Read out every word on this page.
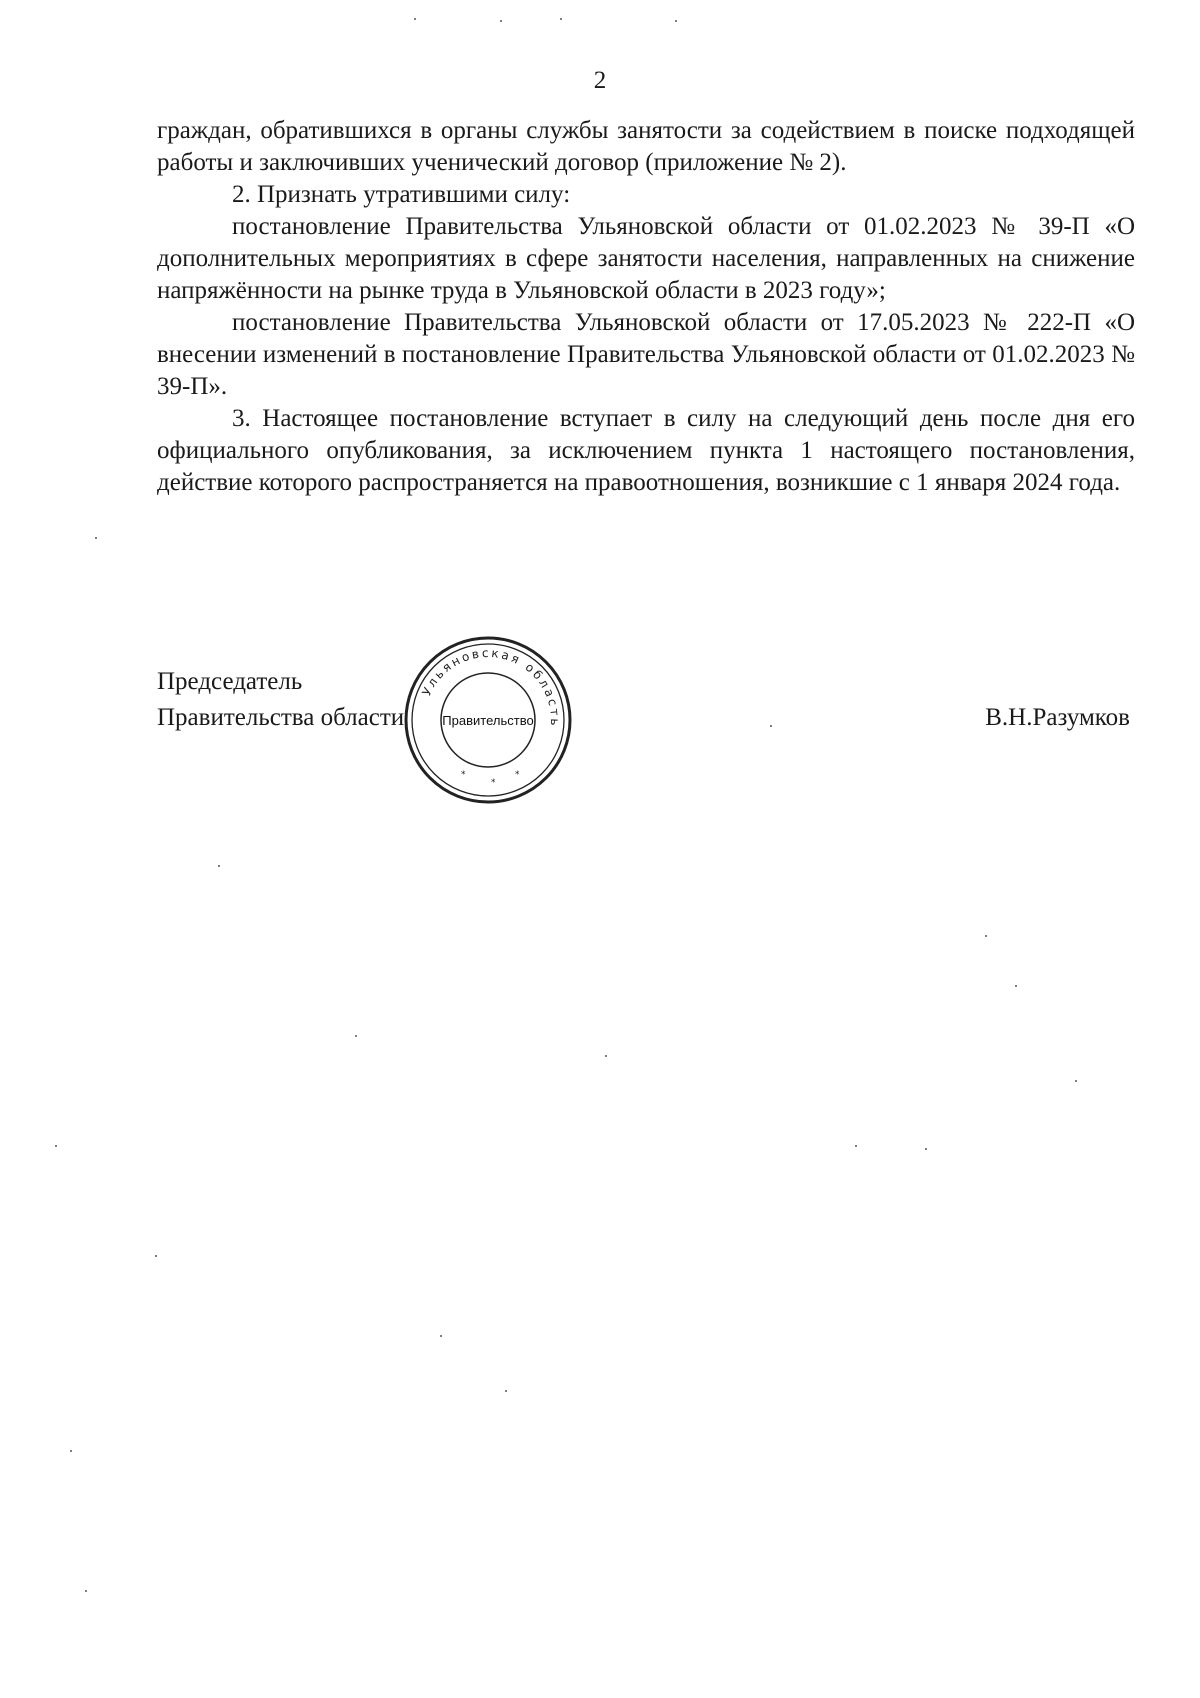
2

граждан, обратившихся в органы службы занятости за содействием в поиске подходящей работы и заключивших ученический договор (приложение № 2).

2. Признать утратившими силу:

постановление Правительства Ульяновской области от 01.02.2023 № 39-П «О дополнительных мероприятиях в сфере занятости населения, направленных на снижение напряжённости на рынке труда в Ульяновской области в 2023 году»;

постановление Правительства Ульяновской области от 17.05.2023 № 222-П «О внесении изменений в постановление Правительства Ульяновской области от 01.02.2023 № 39-П».

3. Настоящее постановление вступает в силу на следующий день после дня его официального опубликования, за исключением пункта 1 настоящего постановления, действие которого распространяется на правоотношения, возникшие с 1 января 2024 года.

Председатель
Правительства области	В.Н.Разумков
Ульяновская область
Правительство
*
*
*
